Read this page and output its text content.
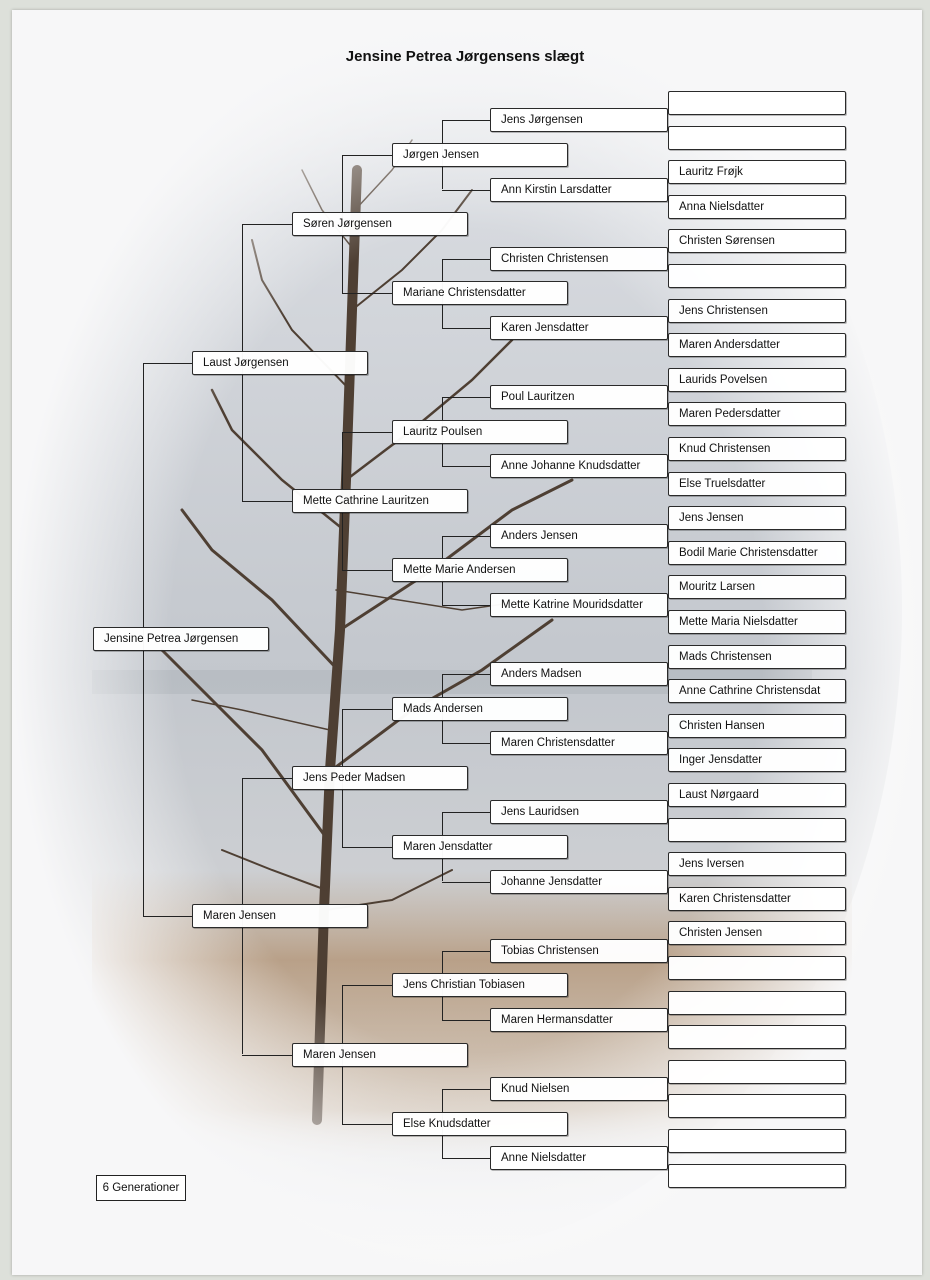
Jensine Petrea Jørgensens slægt
Jensine Petrea Jørgensen
Laust Jørgensen
Maren Jensen
Søren Jørgensen
Mette Cathrine Lauritzen
Jens Peder Madsen
Maren Jensen
Jørgen Jensen
Mariane Christensdatter
Lauritz Poulsen
Mette Marie Andersen
Mads Andersen
Maren Jensdatter
Jens Christian Tobiasen
Else Knudsdatter
Jens Jørgensen
Ann Kirstin Larsdatter
Christen Christensen
Karen Jensdatter
Poul Lauritzen
Anne Johanne Knudsdatter
Anders Jensen
Mette Katrine Mouridsdatter
Anders Madsen
Maren Christensdatter
Jens Lauridsen
Johanne Jensdatter
Tobias Christensen
Maren Hermansdatter
Knud Nielsen
Anne Nielsdatter
Lauritz Frøjk
Anna Nielsdatter
Christen Sørensen
Jens Christensen
Maren Andersdatter
Laurids Povelsen
Maren Pedersdatter
Knud Christensen
Else Truelsdatter
Jens Jensen
Bodil Marie Christensdatter
Mouritz Larsen
Mette Maria Nielsdatter
Mads Christensen
Anne Cathrine Christensdat
Christen Hansen
Inger Jensdatter
Laust Nørgaard
Jens Iversen
Karen Christensdatter
Christen Jensen
6 Generationer
